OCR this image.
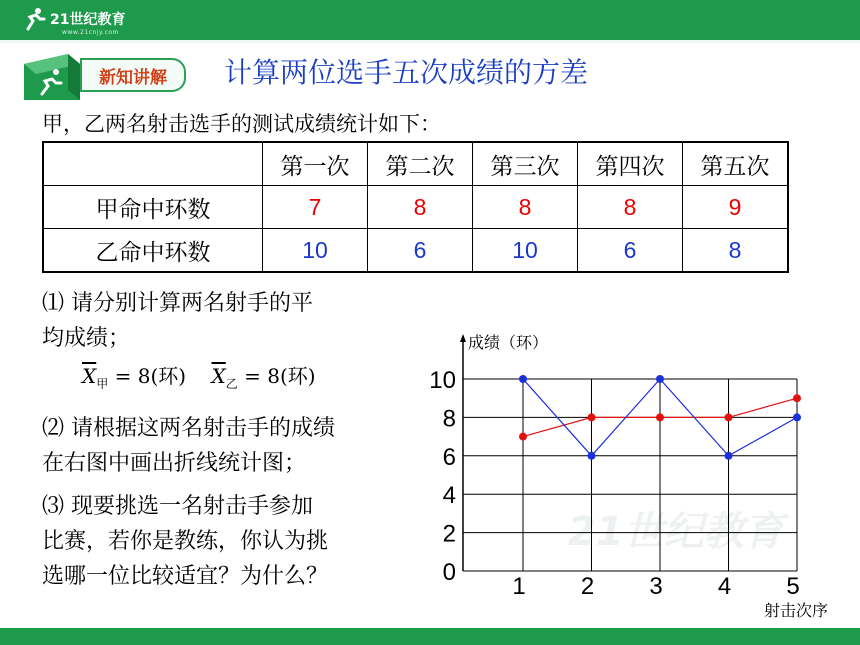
21世纪教育
www.21cnjy.com
新知讲解	计算两位选手五次成绩的方差
甲，乙两名射击选手的测试成绩统计如下：
	第一次	第二次	第三次	第四次	第五次
甲命中环数	7	8	8	8	9
乙命中环数	10	6	10	6	8
⑴ 请分别计算两名射手的平
均成绩；
$\overline{X}_甲 = 8$(环) $\overline{X}_乙 = 8$(环)
⑵ 请根据这两名射击手的成绩
在右图中画出折线统计图；
⑶ 现要挑选一名射击手参加
比赛，若你是教练，你认为挑
选哪一位比较适宜？为什么？
21世纪教育
0
2
4
6
8
10
1 2 3 4 5
成绩（环）
射击次序
